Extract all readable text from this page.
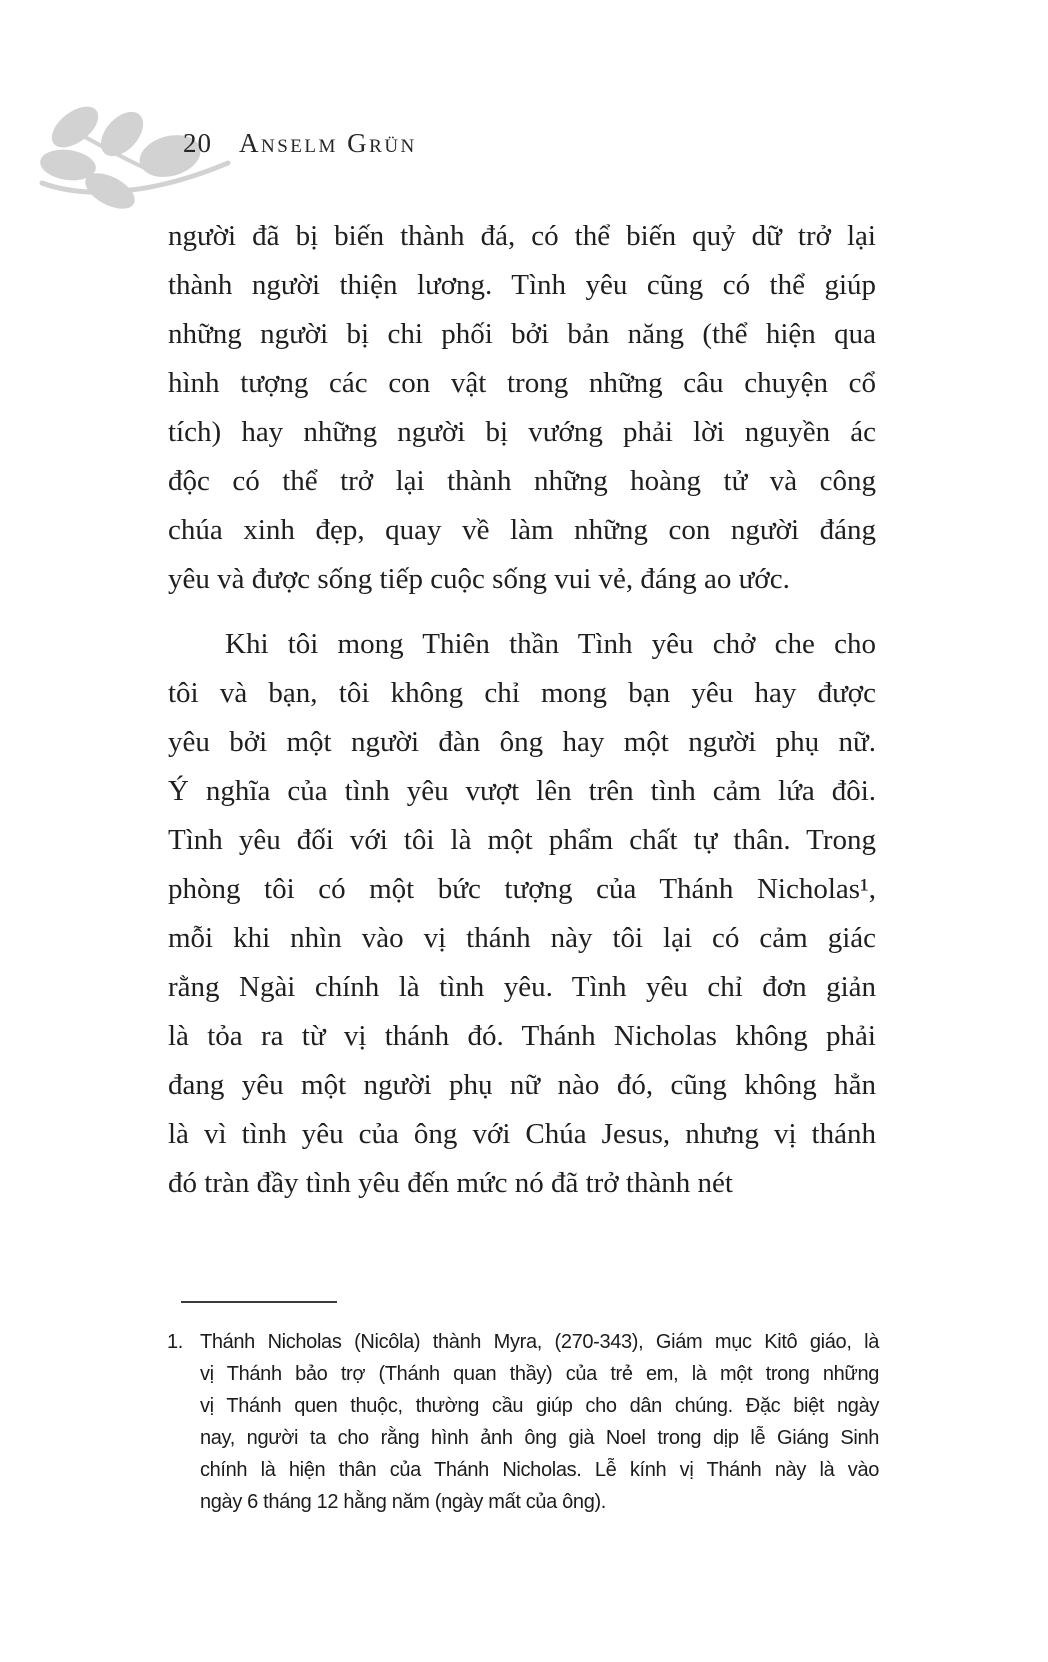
20 Anselm Grün
người đã bị biến thành đá, có thể biến quỷ dữ trở lại
thành người thiện lương. Tình yêu cũng có thể giúp
những người bị chi phối bởi bản năng (thể hiện qua
hình tượng các con vật trong những câu chuyện cổ
tích) hay những người bị vướng phải lời nguyền ác
độc có thể trở lại thành những hoàng tử và công
chúa xinh đẹp, quay về làm những con người đáng
yêu và được sống tiếp cuộc sống vui vẻ, đáng ao ước.
Khi tôi mong Thiên thần Tình yêu chở che cho
tôi và bạn, tôi không chỉ mong bạn yêu hay được
yêu bởi một người đàn ông hay một người phụ nữ.
Ý nghĩa của tình yêu vượt lên trên tình cảm lứa đôi.
Tình yêu đối với tôi là một phẩm chất tự thân. Trong
phòng tôi có một bức tượng của Thánh Nicholas¹,
mỗi khi nhìn vào vị thánh này tôi lại có cảm giác
rằng Ngài chính là tình yêu. Tình yêu chỉ đơn giản
là tỏa ra từ vị thánh đó. Thánh Nicholas không phải
đang yêu một người phụ nữ nào đó, cũng không hẳn
là vì tình yêu của ông với Chúa Jesus, nhưng vị thánh
đó tràn đầy tình yêu đến mức nó đã trở thành nét
1. Thánh Nicholas (Nicôla) thành Myra, (270-343), Giám mục Kitô giáo, là
vị Thánh bảo trợ (Thánh quan thầy) của trẻ em, là một trong những
vị Thánh quen thuộc, thường cầu giúp cho dân chúng. Đặc biệt ngày
nay, người ta cho rằng hình ảnh ông già Noel trong dịp lễ Giáng Sinh
chính là hiện thân của Thánh Nicholas. Lễ kính vị Thánh này là vào
ngày 6 tháng 12 hằng năm (ngày mất của ông).
